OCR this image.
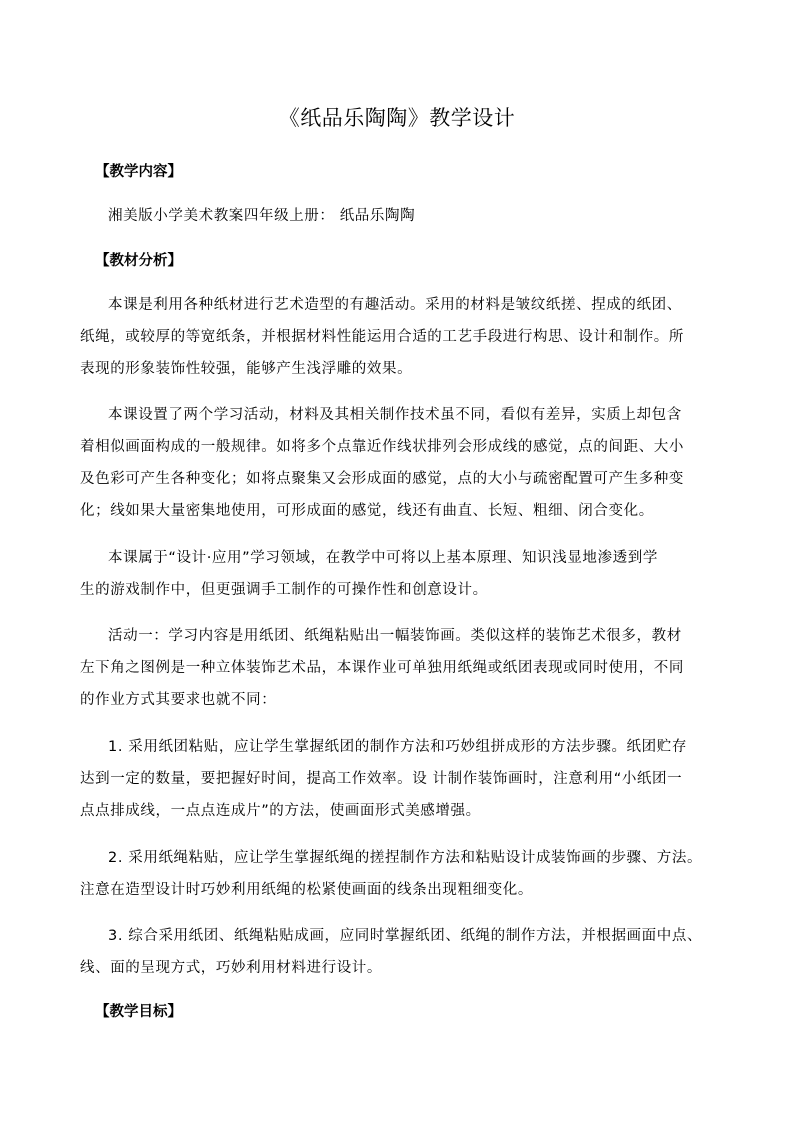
《纸品乐陶陶》教学设计
【教学内容】
湘美版小学美术教案四年级上册： 纸品乐陶陶
【教材分析】
本课是利用各种纸材进行艺术造型的有趣活动。采用的材料是皱纹纸搓、捏成的纸团、
纸绳，或较厚的等宽纸条，并根据材料性能运用合适的工艺手段进行构思、设计和制作。所
表现的形象装饰性较强，能够产生浅浮雕的效果。
本课设置了两个学习活动，材料及其相关制作技术虽不同，看似有差异，实质上却包含
着相似画面构成的一般规律。如将多个点靠近作线状排列会形成线的感觉，点的间距、大小
及色彩可产生各种变化；如将点聚集又会形成面的感觉，点的大小与疏密配置可产生多种变
化；线如果大量密集地使用，可形成面的感觉，线还有曲直、长短、粗细、闭合变化。
本课属于“设计·应用”学习领域，在教学中可将以上基本原理、知识浅显地渗透到学
生的游戏制作中，但更强调手工制作的可操作性和创意设计。
活动一：学习内容是用纸团、纸绳粘贴出一幅装饰画。类似这样的装饰艺术很多，教材
左下角之图例是一种立体装饰艺术品，本课作业可单独用纸绳或纸团表现或同时使用，不同
的作业方式其要求也就不同：
1. 采用纸团粘贴，应让学生掌握纸团的制作方法和巧妙组拼成形的方法步骤。纸团贮存
达到一定的数量，要把握好时间，提高工作效率。设 计制作装饰画时，注意利用“小纸团一
点点排成线，一点点连成片”的方法，使画面形式美感增强。
2. 采用纸绳粘贴，应让学生掌握纸绳的搓捏制作方法和粘贴设计成装饰画的步骤、方法。
注意在造型设计时巧妙利用纸绳的松紧使画面的线条出现粗细变化。
3. 综合采用纸团、纸绳粘贴成画，应同时掌握纸团、纸绳的制作方法，并根据画面中点、
线、面的呈现方式，巧妙利用材料进行设计。
【教学目标】
